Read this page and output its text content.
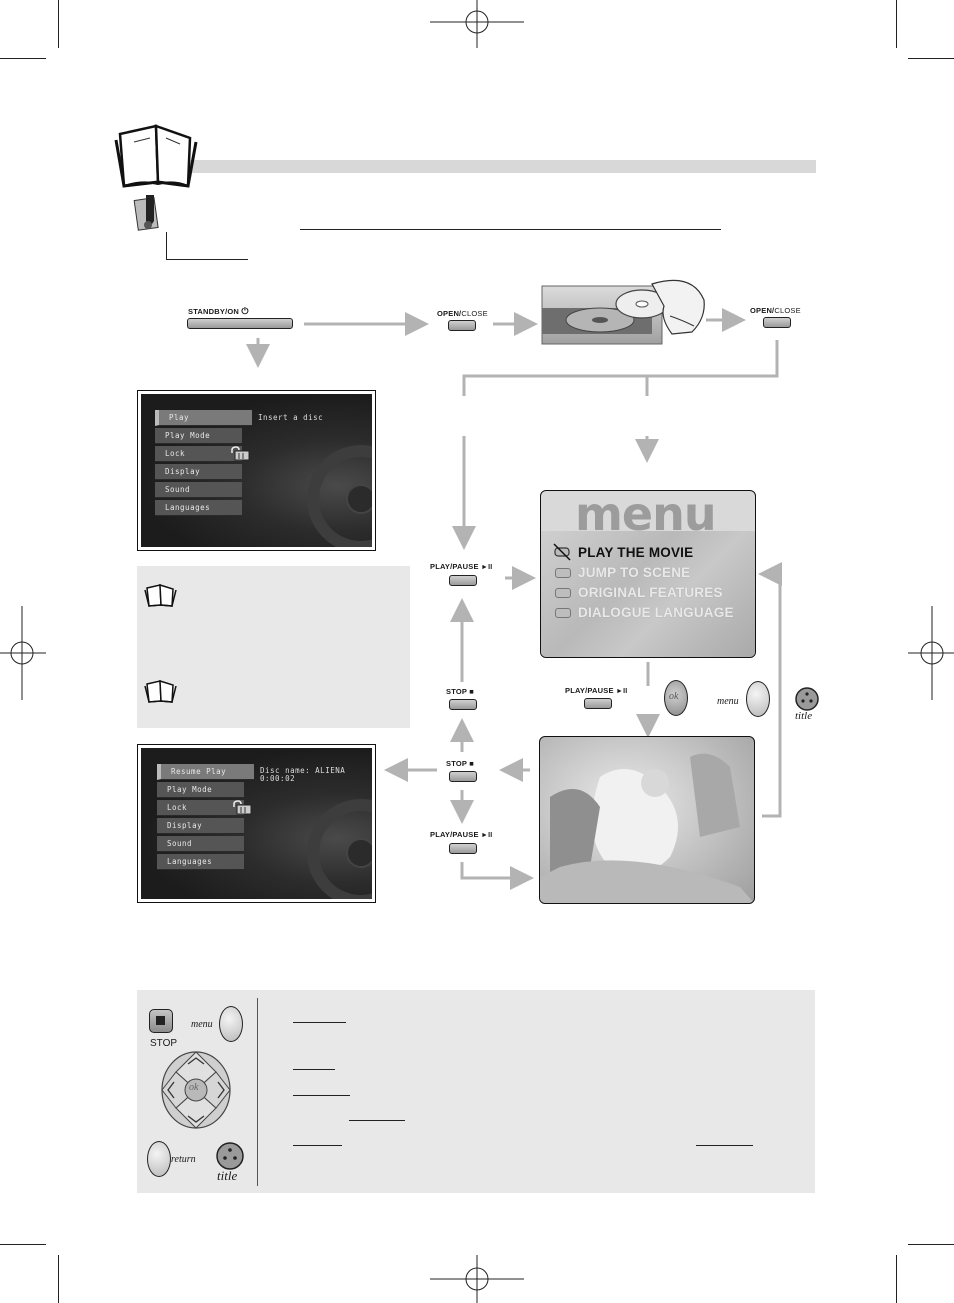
STANDBY/ON ⏻	OPEN/CLOSE	OPEN/CLOSE
Play
Play Mode
Lock
Display
Sound
Languages
Insert a disc
PLAY/PAUSE ►II
STOP ■
STOP ■
PLAY/PAUSE ►II
menu
PLAY THE MOVIE
JUMP TO SCENE
ORIGINAL FEATURES
DIALOGUE LANGUAGE
PLAY/PAUSE ►II	ok	menu
title
Resume Play
Play Mode
Lock
Display
Sound
Languages
Disc name: ALIENA
0:00:02
STOP
menu
ok
return
title
